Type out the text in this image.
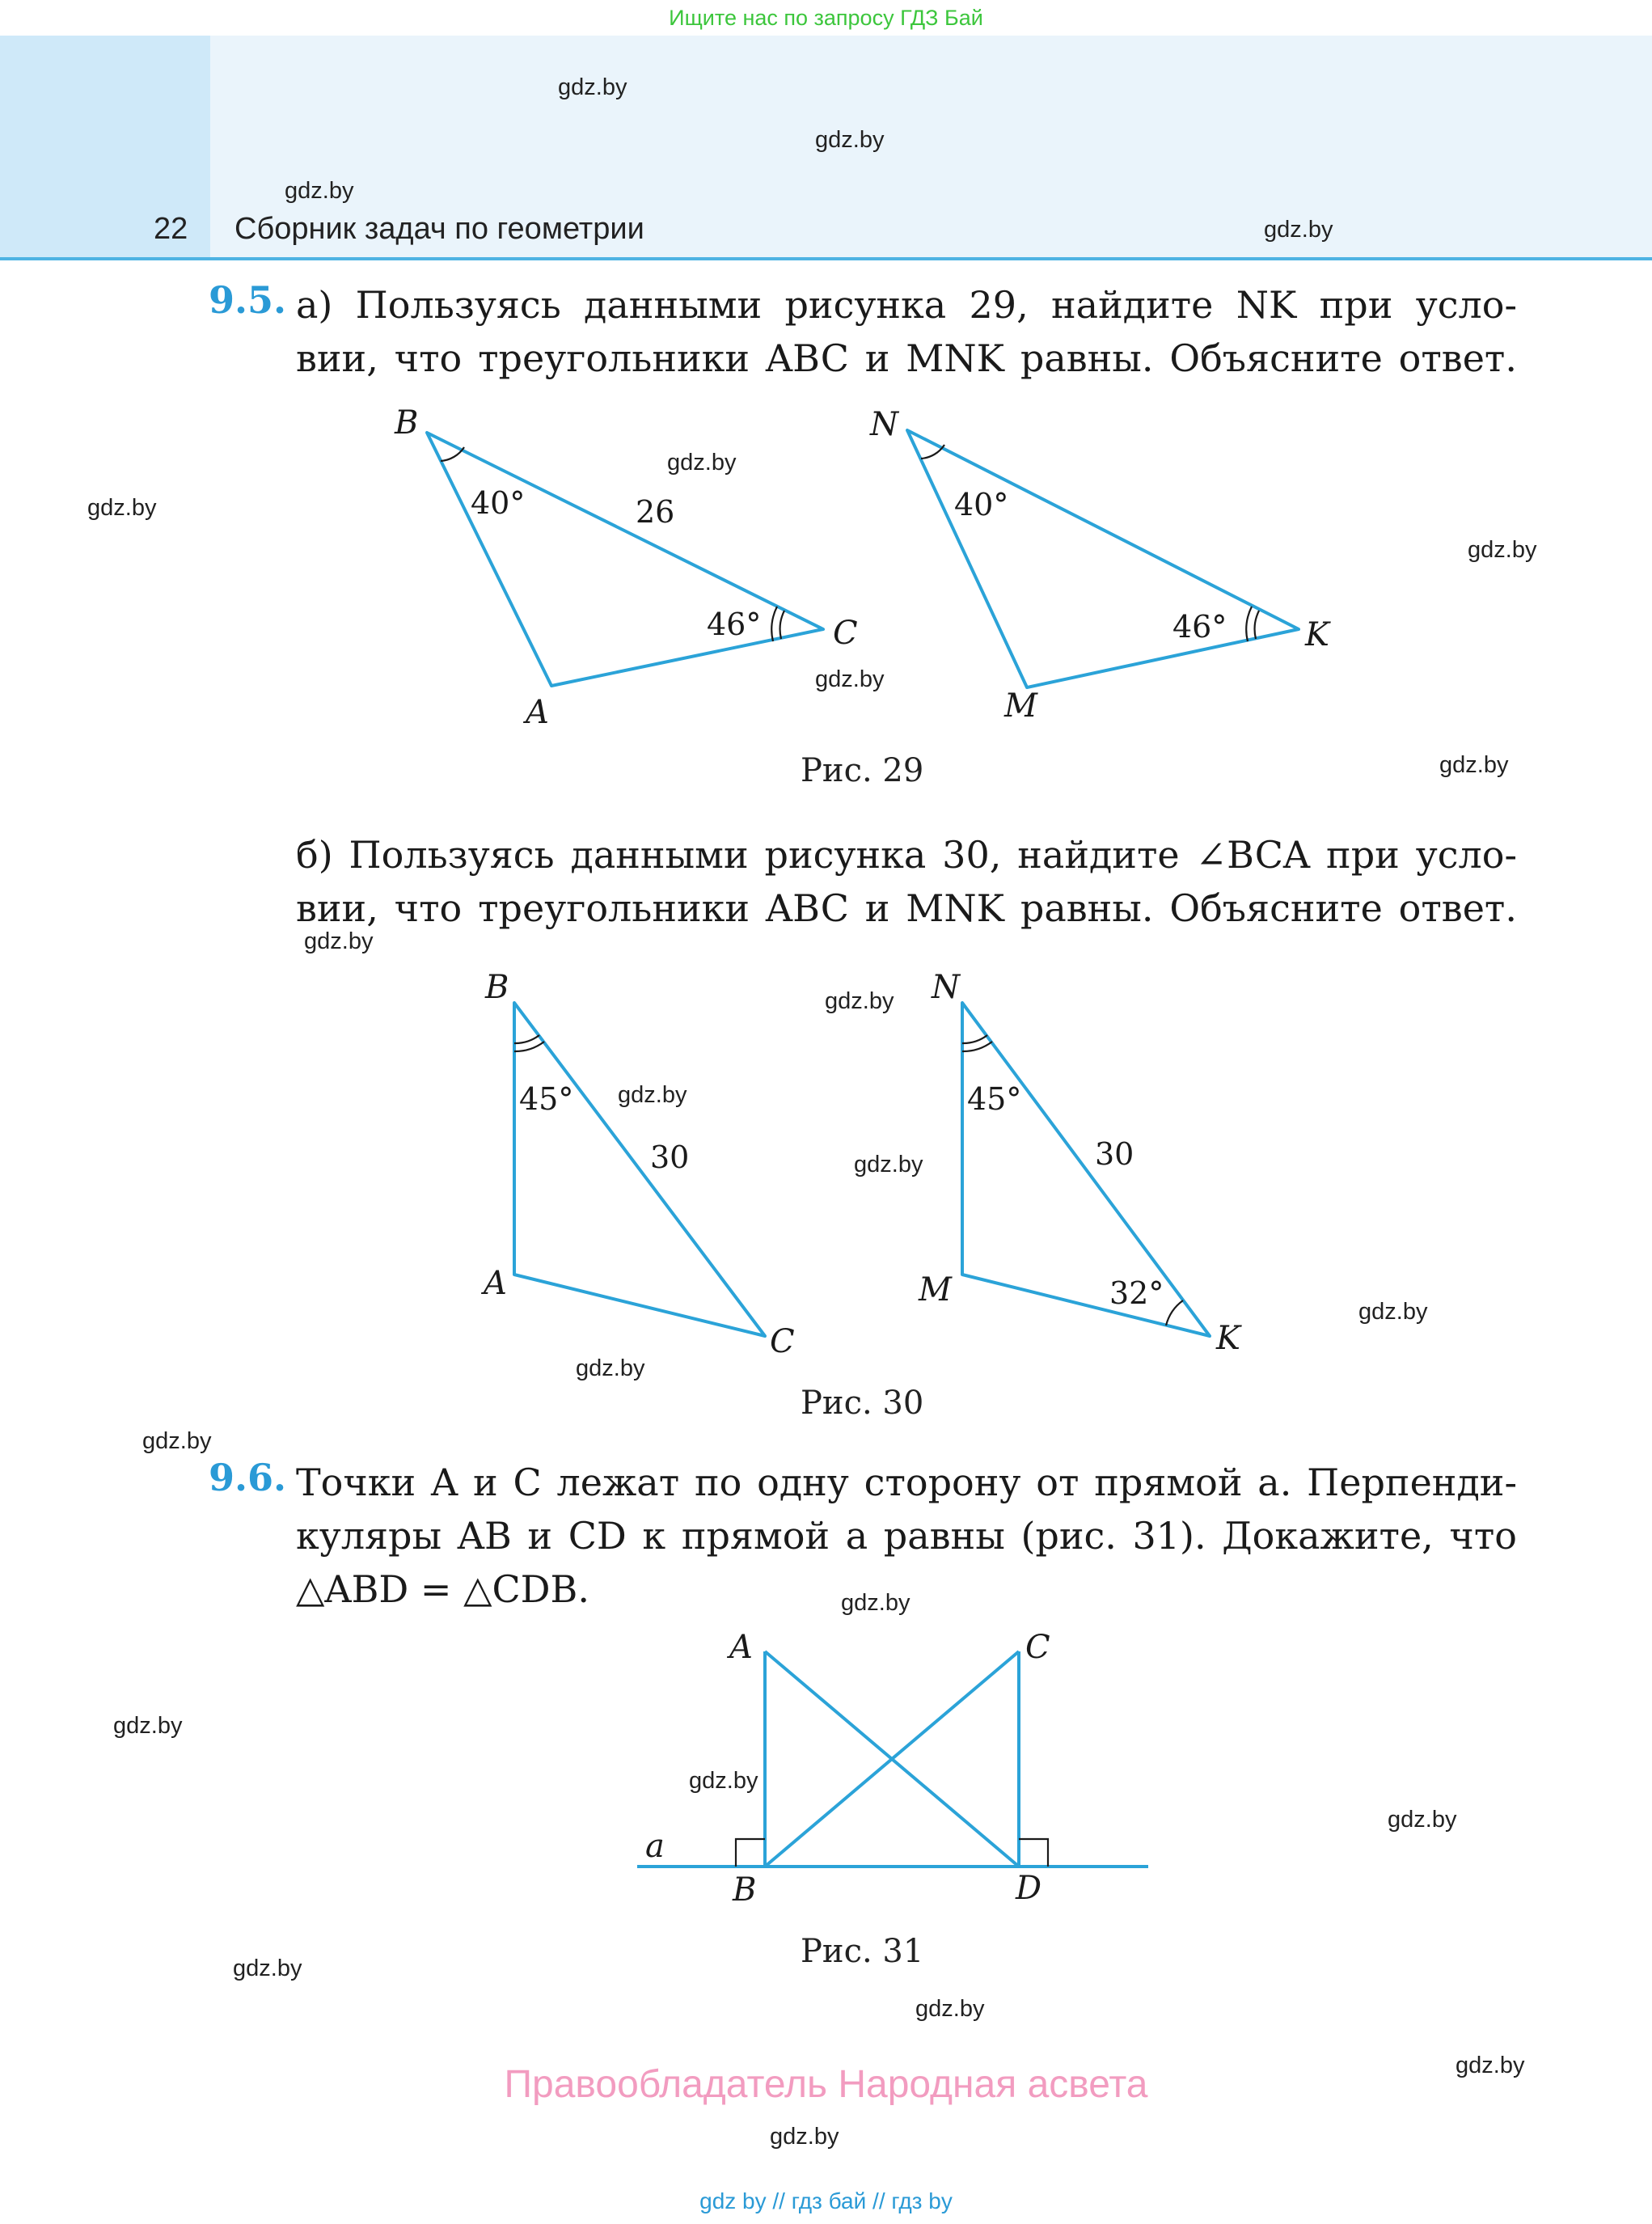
Ищите нас по запросу ГДЗ Бай
22 Сборник задач по геометрии
gdz.by
gdz.by
gdz.by
gdz.by
gdz.by
gdz.by
gdz.by
gdz.by
gdz.by
gdz.by
gdz.by
gdz.by
gdz.by
gdz.by
gdz.by
gdz.by
gdz.by
gdz.by
gdz.by
gdz.by
gdz.by
gdz.by
gdz.by
gdz.by
9.5. а) Пользуясь данными рисунка 29, найдите NK при усло-
вии, что треугольники ABC и MNK равны. Объясните ответ.
Рис. 29
б) Пользуясь данными рисунка 30, найдите ∠BCA при усло-
вии, что треугольники ABC и MNK равны. Объясните ответ.
Рис. 30
9.6. Точки A и C лежат по одну сторону от прямой a. Перпенди-
куляры AB и CD к прямой a равны (рис. 31). Докажите, что
△ABD = △CDB.
Рис. 31
B
A
C
40°
46°
26
N
M
K
40°
46°
B
A
C
45°
30
N
M
K
45°
32°
30
A	C
B	D
a
Правообладатель Народная асвета
gdz by // гдз бай // гдз by
